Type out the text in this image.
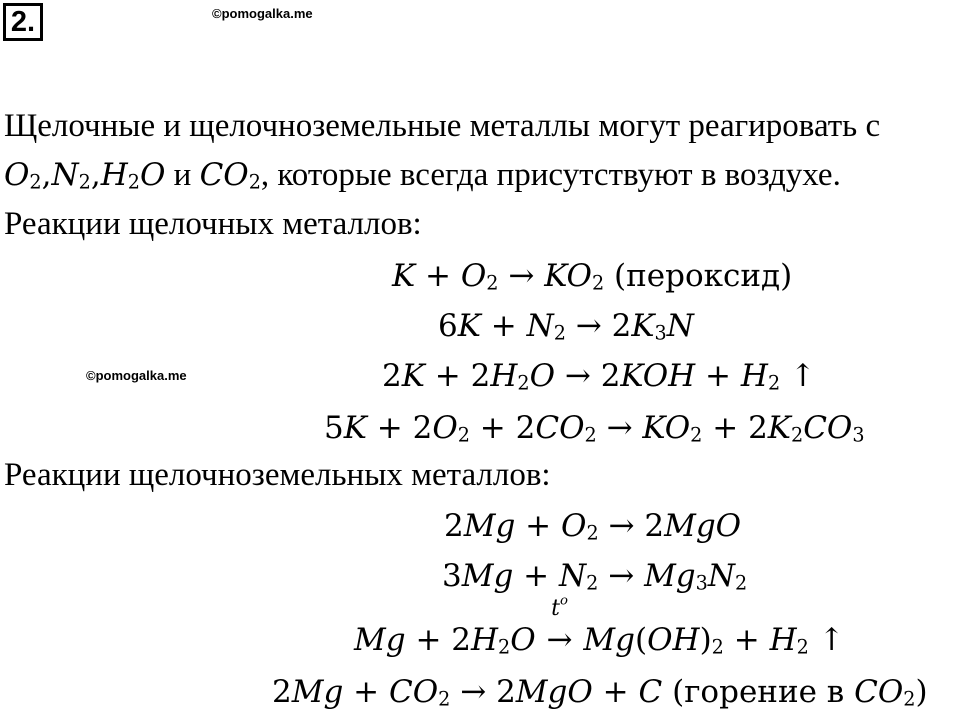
2.	©pomogalka.me
©pomogalka.me
Щелочные и щелочноземельные металлы могут реагировать с
$O_2,N_2,H_2O$ и $CO_2$, которые всегда присутствуют в воздухе.
Реакции щелочных металлов:
$K + O_2 \to KO_2$ (пероксид)
$6K + N_2 \to 2K_3N$
$2K + 2H_2O \to 2KOH + H_2$ ↑
$5K + 2O_2 + 2CO_2 \to KO_2 + 2K_2CO_3$
Реакции щелочноземельных металлов:
$2Mg + O_2 \to 2MgO$
$3Mg + N_2 \to Mg_3N_2$
$Mg + 2H_2O$
$t^o$
→ $Mg(OH)_2 + H_2$ ↑
$2Mg + CO_2 \to 2MgO + C$ (горение в $CO_2$)
